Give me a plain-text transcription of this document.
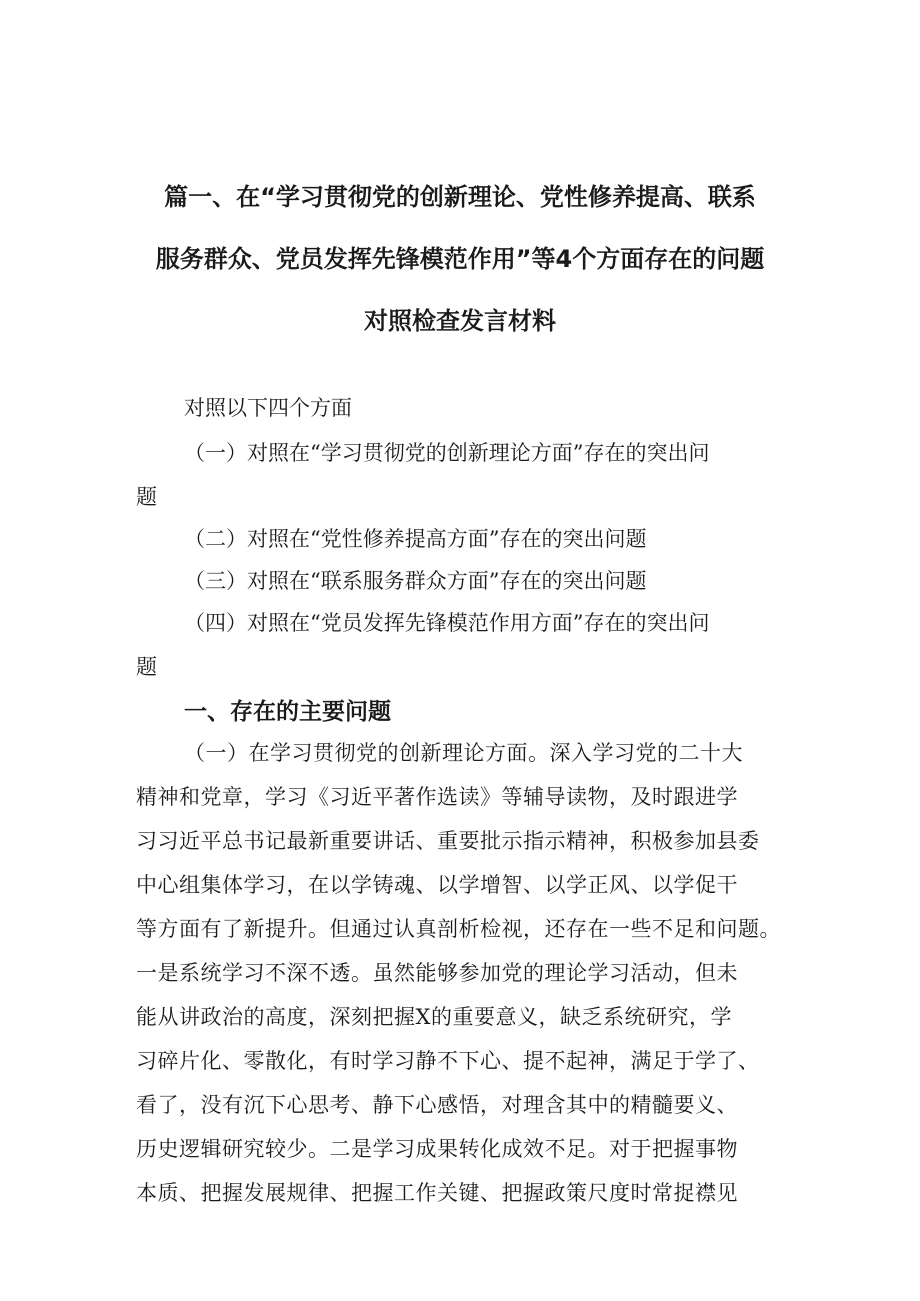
篇一、在“学习贯彻党的创新理论、党性修养提高、联系
服务群众、党员发挥先锋模范作用”等4个方面存在的问题
对照检查发言材料
对照以下四个方面
（一）对照在“学习贯彻党的创新理论方面”存在的突出问
题
（二）对照在“党性修养提高方面”存在的突出问题
（三）对照在“联系服务群众方面”存在的突出问题
（四）对照在“党员发挥先锋模范作用方面”存在的突出问
题
一、存在的主要问题
（一）在学习贯彻党的创新理论方面。深入学习党的二十大
精神和党章，学习《习近平著作选读》等辅导读物，及时跟进学
习习近平总书记最新重要讲话、重要批示指示精神，积极参加县委
中心组集体学习，在以学铸魂、以学增智、以学正风、以学促干
等方面有了新提升。但通过认真剖析检视，还存在一些不足和问题。
一是系统学习不深不透。虽然能够参加党的理论学习活动，但未
能从讲政治的高度，深刻把握X的重要意义，缺乏系统研究，学
习碎片化、零散化，有时学习静不下心、提不起神，满足于学了、
看了，没有沉下心思考、静下心感悟，对理含其中的精髓要义、
历史逻辑研究较少。二是学习成果转化成效不足。对于把握事物
本质、把握发展规律、把握工作关键、把握政策尺度时常捉襟见
